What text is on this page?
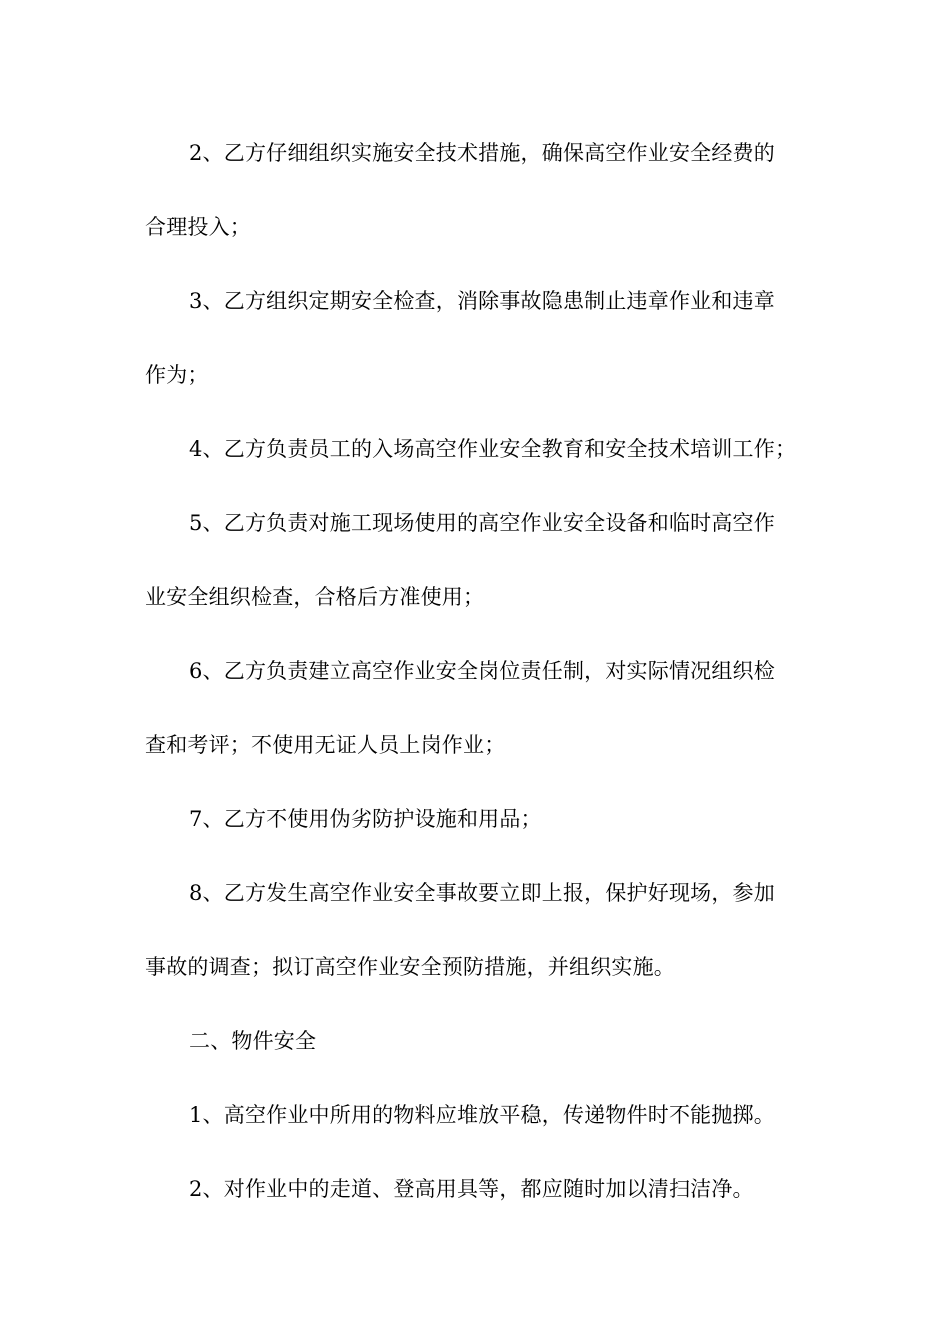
2、乙方仔细组织实施安全技术措施，确保高空作业安全经费的
合理投入；
3、乙方组织定期安全检查，消除事故隐患制止违章作业和违章
作为；
4、乙方负责员工的入场高空作业安全教育和安全技术培训工作；
5、乙方负责对施工现场使用的高空作业安全设备和临时高空作
业安全组织检查，合格后方准使用；
6、乙方负责建立高空作业安全岗位责任制，对实际情况组织检
查和考评；不使用无证人员上岗作业；
7、乙方不使用伪劣防护设施和用品；
8、乙方发生高空作业安全事故要立即上报，保护好现场，参加
事故的调查；拟订高空作业安全预防措施，并组织实施。
二、物件安全
1、高空作业中所用的物料应堆放平稳，传递物件时不能抛掷。
2、对作业中的走道、登高用具等，都应随时加以清扫洁净。
